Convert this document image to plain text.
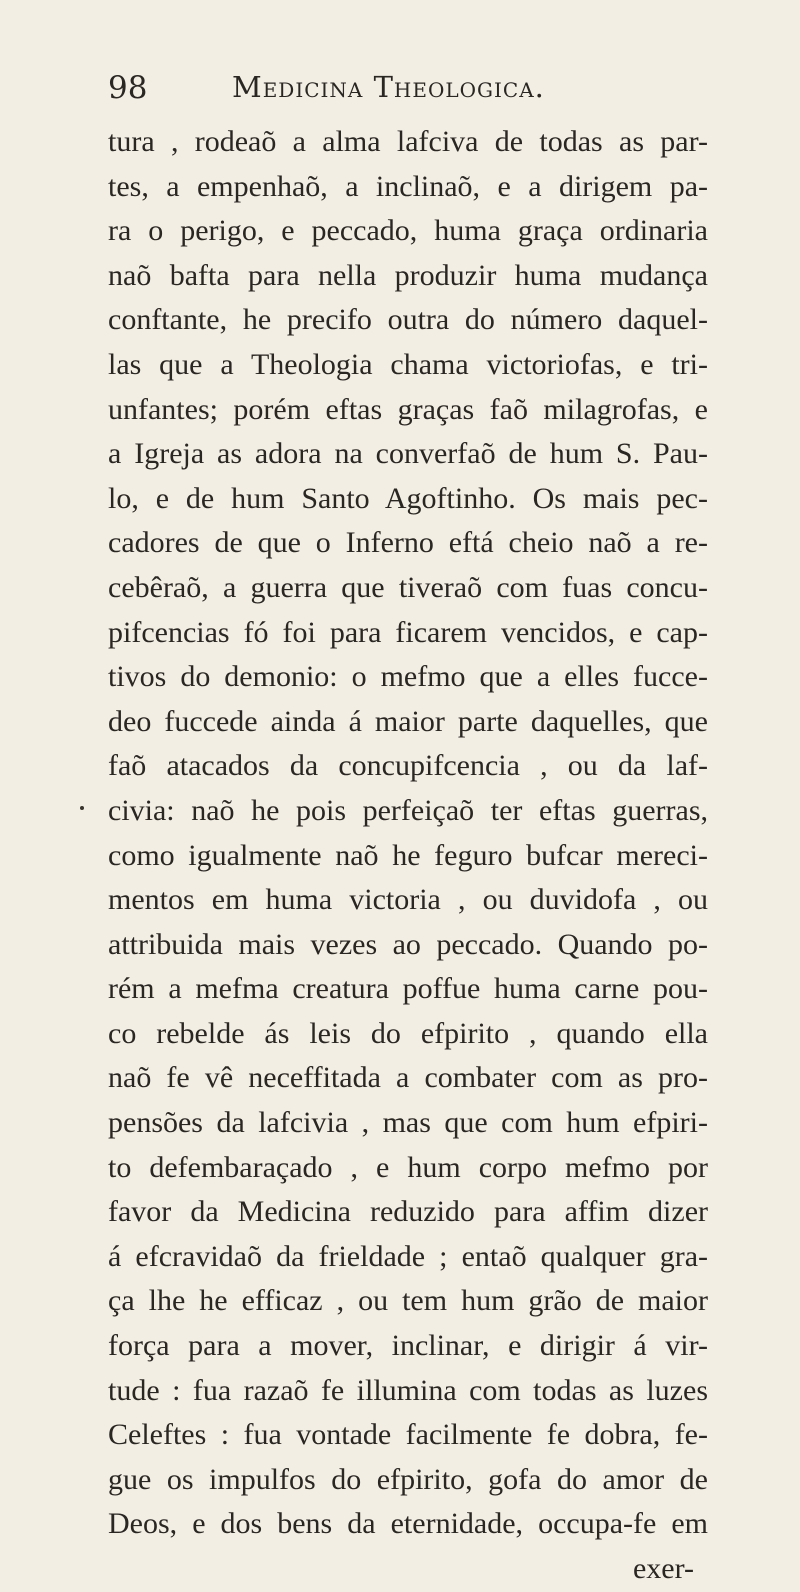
98	Medicina Theologica.
tura , rodeaõ a alma lafciva de todas as par-
tes, a empenhaõ, a inclinaõ, e a dirigem pa-
ra o perigo, e peccado, huma graça ordinaria
naõ bafta para nella produzir huma mudança
conftante, he precifo outra do número daquel-
las que a Theologia chama victoriofas, e tri-
unfantes; porém eftas graças faõ milagrofas, e
a Igreja as adora na converfaõ de hum S. Pau-
lo, e de hum Santo Agoftinho. Os mais pec-
cadores de que o Inferno eftá cheio naõ a re-
cebêraõ, a guerra que tiveraõ com fuas concu-
pifcencias fó foi para ficarem vencidos, e cap-
tivos do demonio: o mefmo que a elles fucce-
deo fuccede ainda á maior parte daquelles, que
faõ atacados da concupifcencia , ou da laf-
civia: naõ he pois perfeiçaõ ter eftas guerras,
como igualmente naõ he feguro bufcar mereci-
mentos em huma victoria , ou duvidofa , ou
attribuida mais vezes ao peccado. Quando po-
rém a mefma creatura poffue huma carne pou-
co rebelde ás leis do efpirito , quando ella
naõ fe vê neceffitada a combater com as pro-
pensões da lafcivia , mas que com hum efpiri-
to defembaraçado , e hum corpo mefmo por
favor da Medicina reduzido para affim dizer
á efcravidaõ da frieldade ; entaõ qualquer gra-
ça lhe he efficaz , ou tem hum grão de maior
força para a mover, inclinar, e dirigir á vir-
tude : fua razaõ fe illumina com todas as luzes
Celeftes : fua vontade facilmente fe dobra, fe-
gue os impulfos do efpirito, gofa do amor de
Deos, e dos bens da eternidade, occupa-fe em
exer-
